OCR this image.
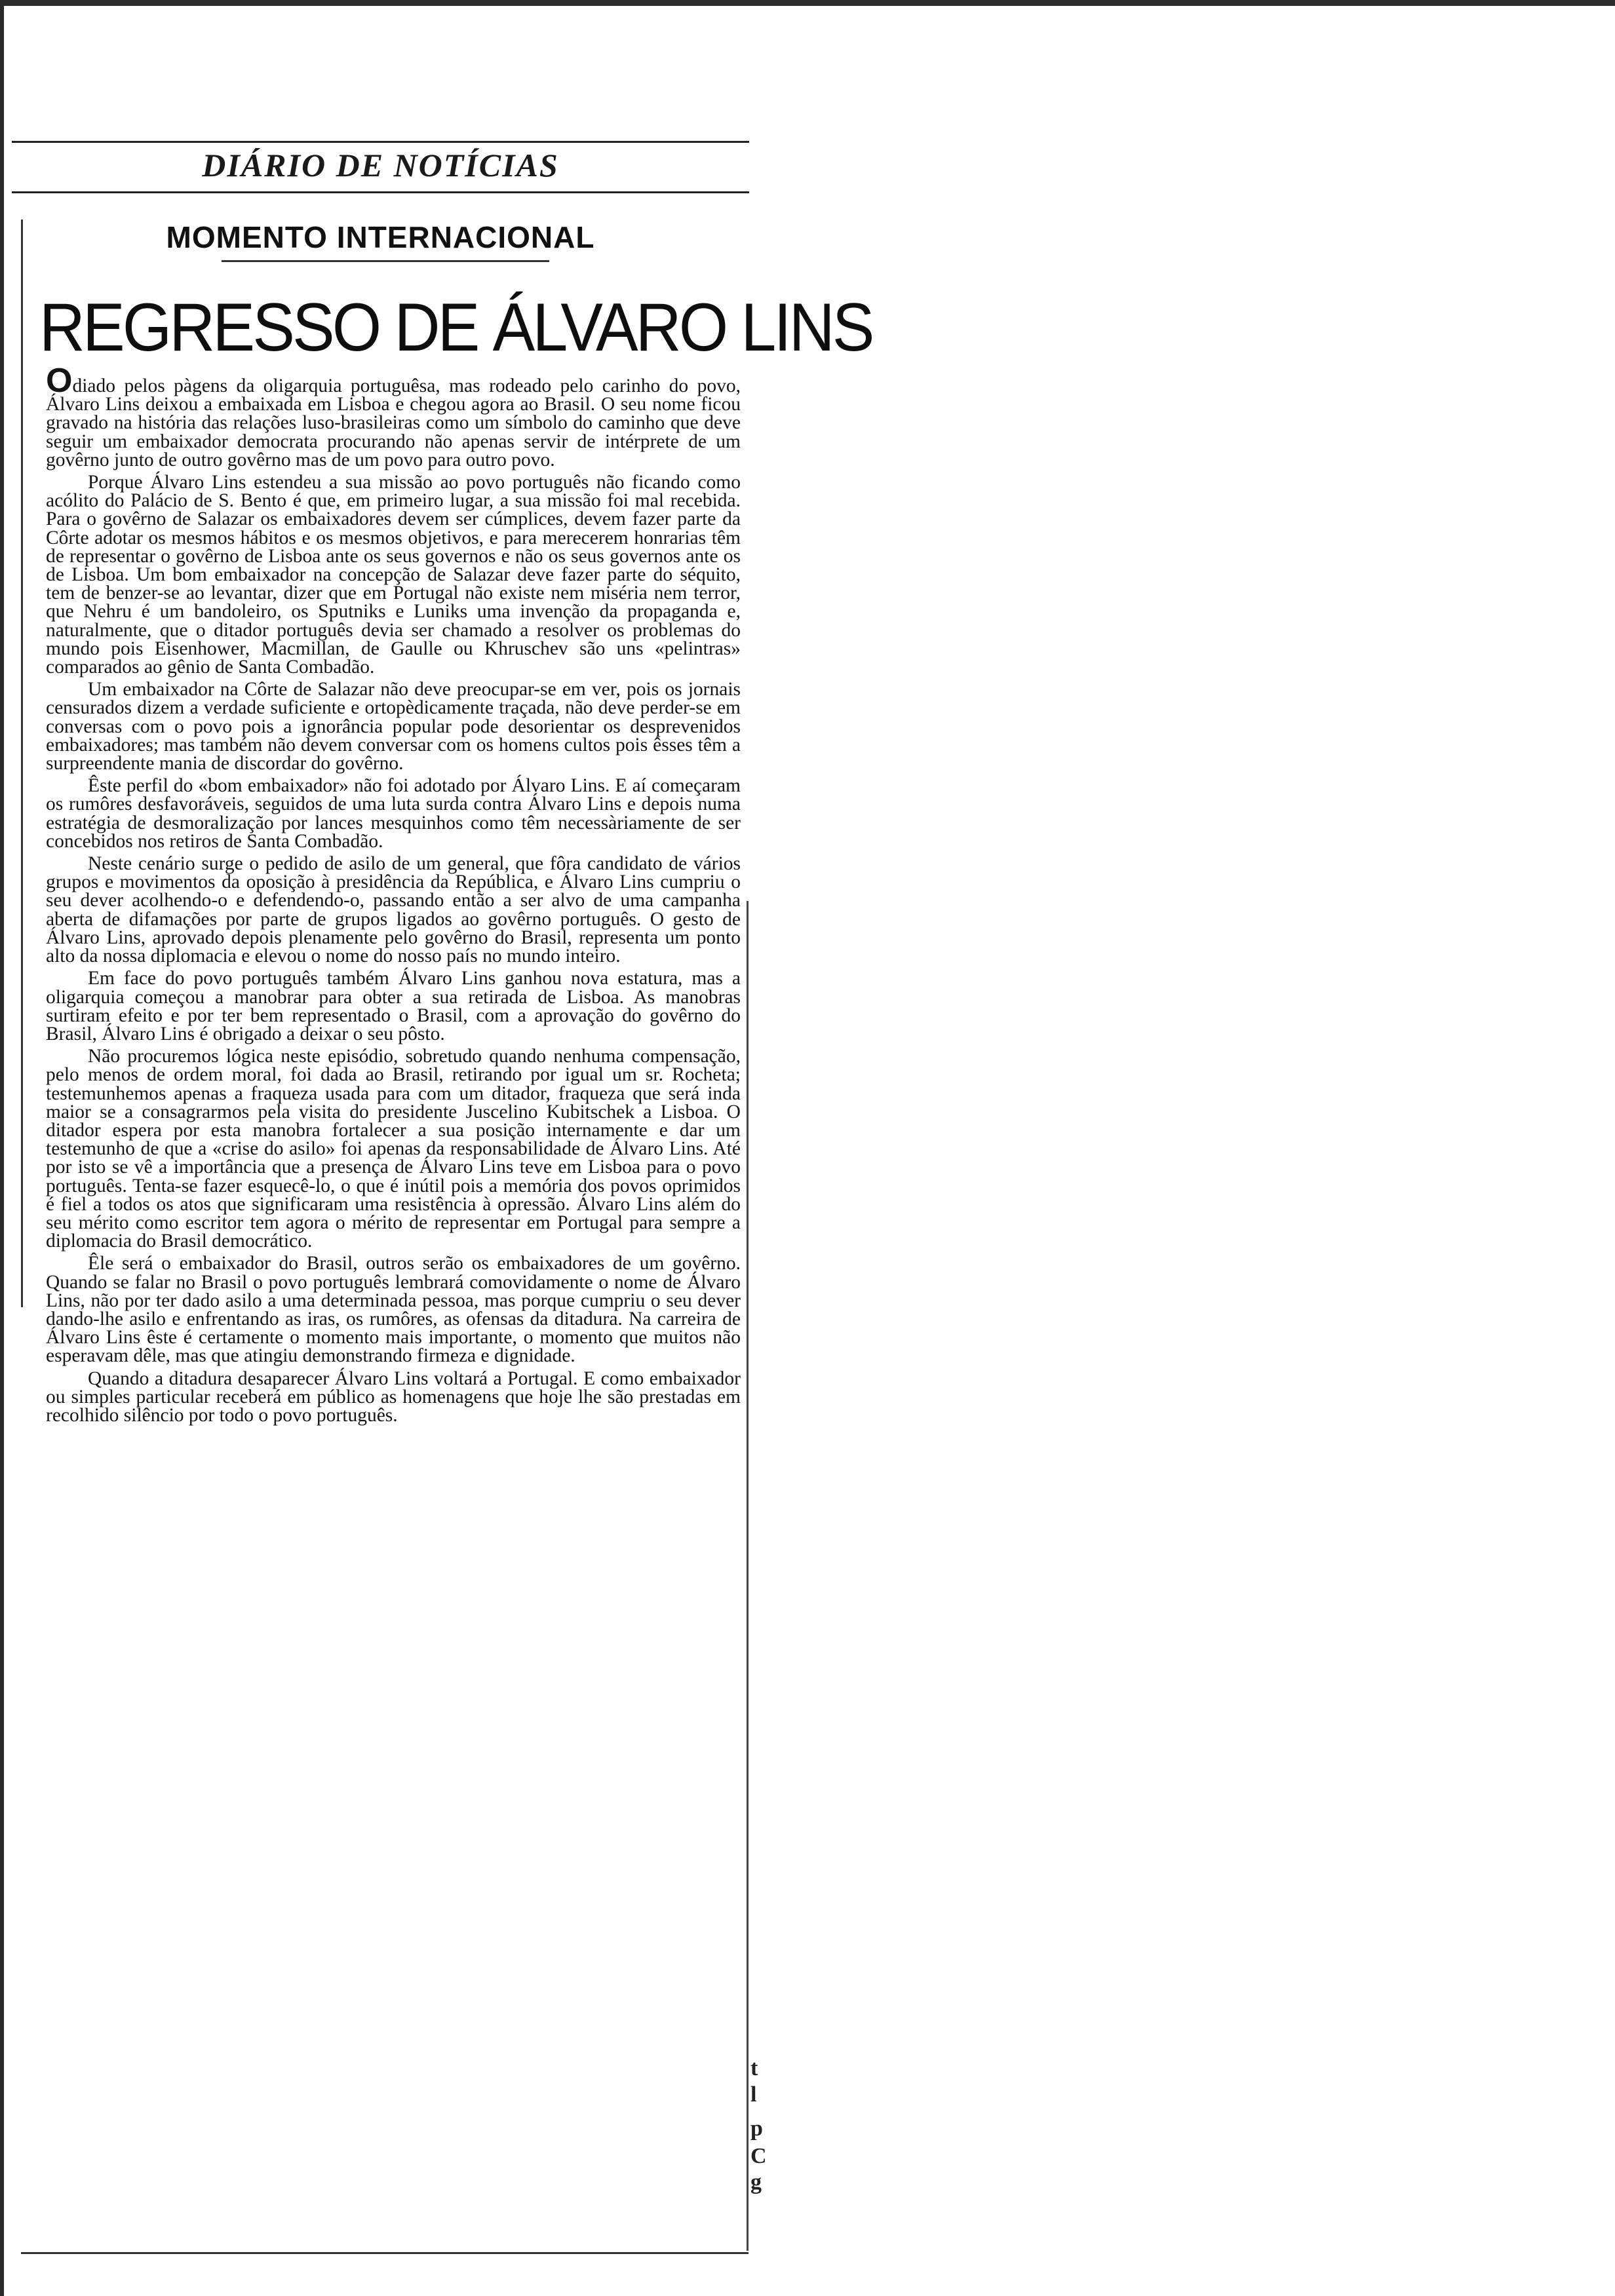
DIÁRIO DE NOTÍCIAS
MOMENTO INTERNACIONAL
REGRESSO DE ÁLVARO LINS

Odiado pelos pàgens da oligarquia portuguêsa, mas rodeado pelo carinho do povo, Álvaro Lins deixou a embaixada em Lisboa e chegou agora ao Brasil. O seu nome ficou gravado na história das relações luso-brasileiras como um símbolo do caminho que deve seguir um embaixador democrata procurando não apenas servir de intérprete de um govêrno junto de outro govêrno mas de um povo para outro povo.

Porque Álvaro Lins estendeu a sua missão ao povo português não ficando como acólito do Palácio de S. Bento é que, em primeiro lugar, a sua missão foi mal recebida. Para o govêrno de Salazar os embaixadores devem ser cúmplices, devem fazer parte da Côrte adotar os mesmos hábitos e os mesmos objetivos, e para merecerem honrarias têm de representar o govêrno de Lisboa ante os seus governos e não os seus governos ante os de Lisboa. Um bom embaixador na concepção de Salazar deve fazer parte do séquito, tem de benzer-se ao levantar, dizer que em Portugal não existe nem miséria nem terror, que Nehru é um bandoleiro, os Sputniks e Luniks uma invenção da propaganda e, naturalmente, que o ditador português devia ser chamado a resolver os problemas do mundo pois Eisenhower, Macmillan, de Gaulle ou Khruschev são uns «pelintras» comparados ao gênio de Santa Combadão.

Um embaixador na Côrte de Salazar não deve preocupar-se em ver, pois os jornais censurados dizem a verdade suficiente e ortopèdicamente traçada, não deve perder-se em conversas com o povo pois a ignorância popular pode desorientar os desprevenidos embaixadores; mas também não devem conversar com os homens cultos pois êsses têm a surpreendente mania de discordar do govêrno.

Êste perfil do «bom embaixador» não foi adotado por Álvaro Lins. E aí começaram os rumôres desfavoráveis, seguidos de uma luta surda contra Álvaro Lins e depois numa estratégia de desmoralização por lances mesquinhos como têm necessàriamente de ser concebidos nos retiros de Santa Combadão.

Neste cenário surge o pedido de asilo de um general, que fôra candidato de vários grupos e movimentos da oposição à presidência da República, e Álvaro Lins cumpriu o seu dever acolhendo-o e defendendo-o, passando então a ser alvo de uma campanha aberta de difamações por parte de grupos ligados ao govêrno português. O gesto de Álvaro Lins, aprovado depois plenamente pelo govêrno do Brasil, representa um ponto alto da nossa diplomacia e elevou o nome do nosso país no mundo inteiro.

Em face do povo português também Álvaro Lins ganhou nova estatura, mas a oligarquia começou a manobrar para obter a sua retirada de Lisboa. As manobras surtiram efeito e por ter bem representado o Brasil, com a aprovação do govêrno do Brasil, Álvaro Lins é obrigado a deixar o seu pôsto.

Não procuremos lógica neste episódio, sobretudo quando nenhuma compensação, pelo menos de ordem moral, foi dada ao Brasil, retirando por igual um sr. Rocheta; testemunhemos apenas a fraqueza usada para com um ditador, fraqueza que será inda maior se a consagrarmos pela visita do presidente Juscelino Kubitschek a Lisboa. O ditador espera por esta manobra fortalecer a sua posição internamente e dar um testemunho de que a «crise do asilo» foi apenas da responsabilidade de Álvaro Lins. Até por isto se vê a importância que a presença de Álvaro Lins teve em Lisboa para o povo português. Tenta-se fazer esquecê-lo, o que é inútil pois a memória dos povos oprimidos é fiel a todos os atos que significaram uma resistência à opressão. Álvaro Lins além do seu mérito como escritor tem agora o mérito de representar em Portugal para sempre a diplomacia do Brasil democrático.

Êle será o embaixador do Brasil, outros serão os embaixadores de um govêrno. Quando se falar no Brasil o povo português lembrará comovidamente o nome de Álvaro Lins, não por ter dado asilo a uma determinada pessoa, mas porque cumpriu o seu dever dando-lhe asilo e enfrentando as iras, os rumôres, as ofensas da ditadura. Na carreira de Álvaro Lins êste é certamente o momento mais importante, o momento que muitos não esperavam dêle, mas que atingiu demonstrando firmeza e dignidade.

Quando a ditadura desaparecer Álvaro Lins voltará a Portugal. E como embaixador ou simples particular receberá em público as homenagens que hoje lhe são prestadas em recolhido silêncio por todo o povo português.

t
l
p
C
g
